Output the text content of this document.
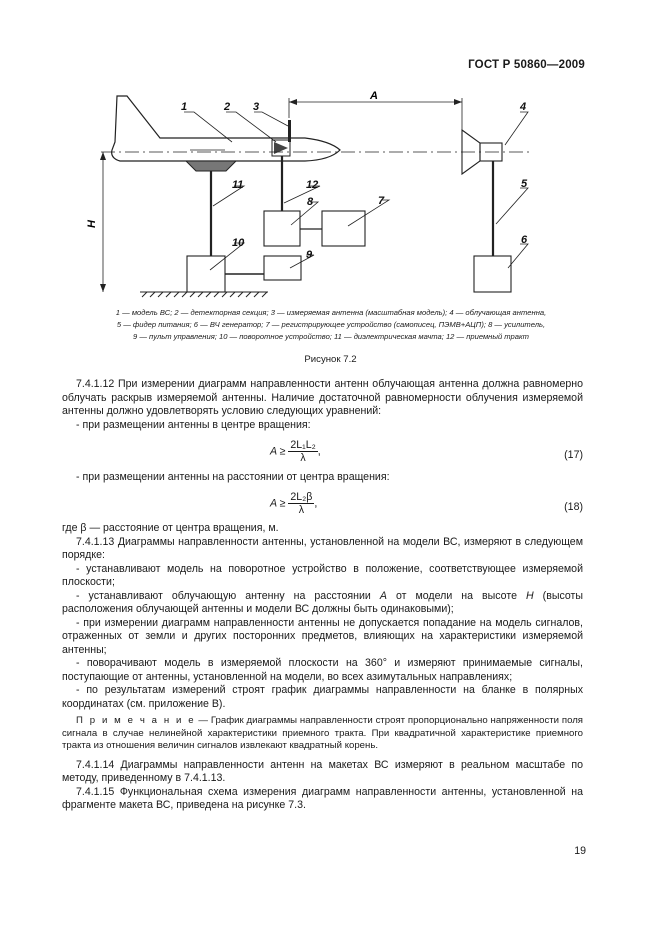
ГОСТ Р 50860—2009
A
H
1	2 3	4
5
6
7
8
9
10
11	12
1 — модель ВС; 2 — детекторная секция; 3 — измеряемая антенна (масштабная модель); 4 — облучающая антенна,
5 — фидер питания; 6 — ВЧ генератор; 7 — регистрирующее устройство (самописец, ПЭМВ+АЦП); 8 — усилитель,
9 — пульт управления; 10 — поворотное устройство; 11 — диэлектрическая мачта; 12 — приемный тракт
Рисунок 7.2

7.4.1.12 При измерении диаграмм направленности антенн облучающая антенна должна равномерно облучать раскрыв измеряемой антенны. Наличие достаточной равномерности облучения измеряемой антенны должно удовлетворять условию следующих уравнений:

- при размещении антенны в центре вращения:

$A \ge \frac{\text{2L₁L₂}}{\lambda}$ ,	(17)

- при размещении антенны на расстоянии от центра вращения:

$A \ge \frac{\text{2L₂β}}{\lambda}$ ,	(18)

где β — расстояние от центра вращения, м.

7.4.1.13 Диаграммы направленности антенны, установленной на модели ВС, измеряют в следующем порядке:

- устанавливают модель на поворотное устройство в положение, соответствующее измеряемой плоскости;

- устанавливают облучающую антенну на расстоянии A от модели на высоте H (высоты расположения облучающей антенны и модели ВС должны быть одинаковыми);

- при измерении диаграмм направленности антенны не допускается попадание на модель сигналов, отраженных от земли и других посторонних предметов, влияющих на характеристики измеряемой антенны;

- поворачивают модель в измеряемой плоскости на 360° и измеряют принимаемые сигналы, поступающие от антенны, установленной на модели, во всех азимутальных направлениях;

- по результатам измерений строят график диаграммы направленности на бланке в полярных координатах (см. приложение В).

П р и м е ч а н и е — График диаграммы направленности строят пропорционально напряженности поля сигнала в случае нелинейной характеристики приемного тракта. При квадратичной характеристике приемного тракта из отношения величин сигналов извлекают квадратный корень.

7.4.1.14 Диаграммы направленности антенн на макетах ВС измеряют в реальном масштабе по методу, приведенному в 7.4.1.13.

7.4.1.15 Функциональная схема измерения диаграмм направленности антенны, установленной на фрагменте макета ВС, приведена на рисунке 7.3.

19
